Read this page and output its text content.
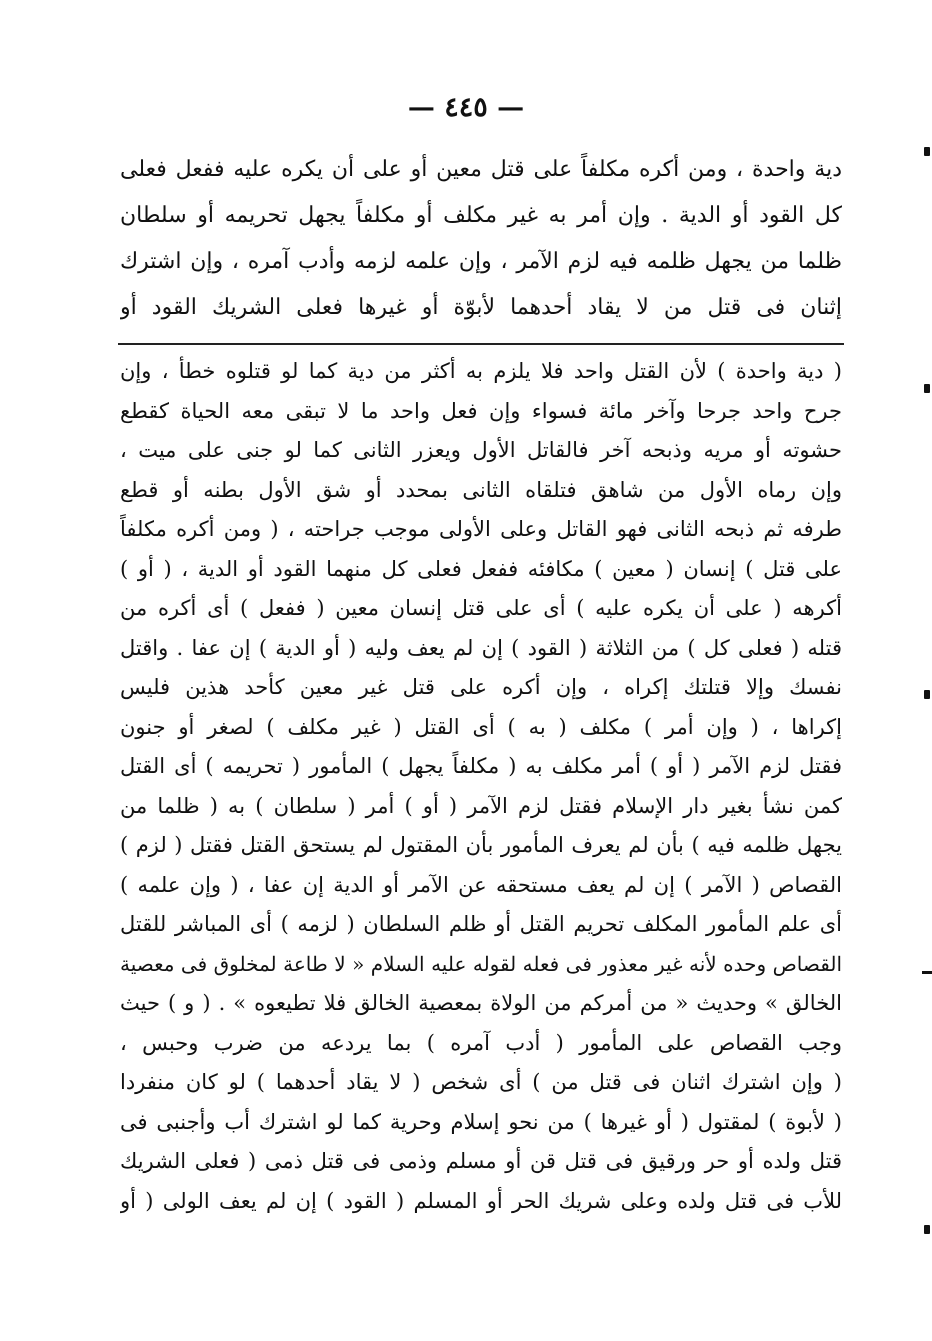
— ٤٤٥ —
دية واحدة ، ومن أكره مكلفاً على قتل معين أو على أن يكره عليه ففعل فعلى
كل القود أو الدية . وإن أمر به غير مكلف أو مكلفاً يجهل تحريمه أو سلطان
ظلما من يجهل ظلمه فيه لزم الآمر ، وإن علمه لزمه وأدب آمره ، وإن اشترك
إثنان فى قتل من لا يقاد أحدهما لأبوّة أو غيرها فعلى الشريك القود أو
( دية واحدة ) لأن القتل واحد فلا يلزم به أكثر من دية كما لو قتلوه خطأ ، وإن
جرح واحد جرحا وآخر مائة فسواء وإن فعل واحد ما لا تبقى معه الحياة كقطع
حشوته أو مريه وذبحه آخر فالقاتل الأول ويعزر الثانى كما لو جنى على ميت ،
وإن رماه الأول من شاهق فتلقاه الثانى بمحدد أو شق الأول بطنه أو قطع
طرفه ثم ذبحه الثانى فهو القاتل وعلى الأولى موجب جراحته ، ( ومن أكره مكلفاً
على قتل ) إنسان ( معين ) مكافئه ففعل فعلى كل منهما القود أو الدية ، ( أو )
أكرهه ( على أن يكره عليه ) أى على قتل إنسان معين ( ففعل ) أى أكره من
قتله ( فعلى كل ) من الثلاثة ( القود ) إن لم يعف وليه ( أو الدية ) إن عفا . واقتل
نفسك وإلا قتلتك إكراه ، وإن أكره على قتل غير معين كأحد هذين فليس
إكراها ، ( وإن أمر ) مكلف ( به ) أى القتل ( غير مكلف ) لصغر أو جنون
فقتل لزم الآمر ( أو ) أمر مكلف به ( مكلفاً يجهل ) المأمور ( تحريمه ) أى القتل
كمن نشأ بغير دار الإسلام فقتل لزم الآمر ( أو ) أمر ( سلطان ) به ( ظلما من
يجهل ظلمه فيه ) بأن لم يعرف المأمور بأن المقتول لم يستحق القتل فقتل ( لزم )
القصاص ( الآمر ) إن لم يعف مستحقه عن الآمر أو الدية إن عفا ، ( وإن علمه )
أى علم المأمور المكلف تحريم القتل أو ظلم السلطان ( لزمه ) أى المباشر للقتل
القصاص وحده لأنه غير معذور فى فعله لقوله عليه السلام « لا طاعة لمخلوق فى معصية
الخالق » وحديث « من أمركم من الولاة بمعصية الخالق فلا تطيعوه » . ( و ) حيث
وجب القصاص على المأمور ( أدب آمره ) بما يردعه من ضرب وحبس ،
( وإن اشترك اثنان فى قتل من ) أى شخص ( لا يقاد أحدهما ) لو كان منفردا
( لأبوة ) لمقتول ( أو غيرها ) من نحو إسلام وحرية كما لو اشترك أب وأجنبى فى
قتل ولده أو حر ورقيق فى قتل قن أو مسلم وذمى فى قتل ذمى ( فعلى الشريك
للأب فى قتل ولده وعلى شريك الحر أو المسلم ( القود ) إن لم يعف الولى ( أو
